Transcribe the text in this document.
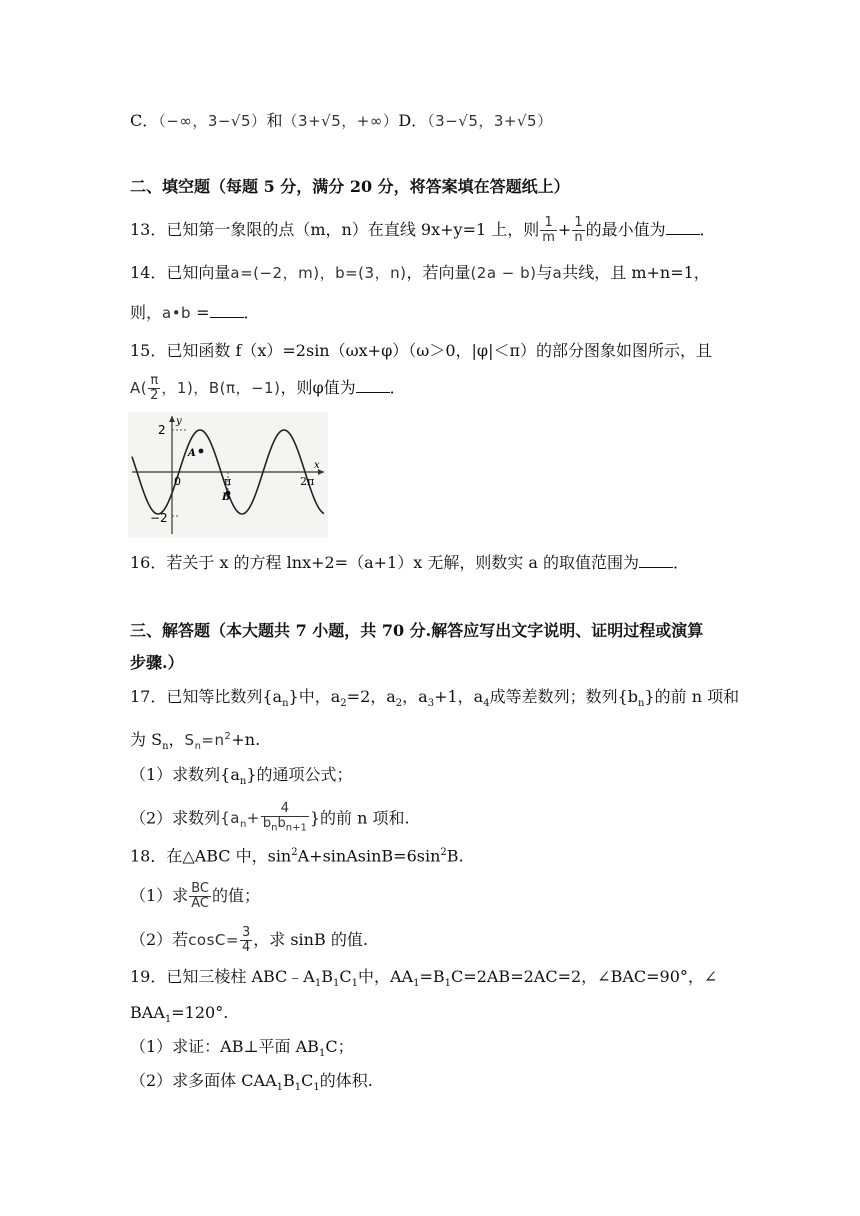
C．（−∞，3−√5）和（3+√5，+∞）D．（3−√5，3+√5）
二、填空题（每题 5 分，满分 20 分，将答案填在答题纸上）
13．已知第一象限的点（m，n）在直线 9x+y=1 上，则 $\frac{1}{m} + \frac{1}{n}$ 的最小值为 ．
14．已知向量a=(−2，m)，b=(3，n)，若向量(2a − b)与a共线，且 m+n=1，
则，a•b = ．
15．已知函数 f（x）=2sin（ωx+φ）（ω＞0，|φ|＜π）的部分图象如图所示，且
$A( \frac{\pi}{2}$ ，1)，B(π，−1)，则φ值为 ．
y
x
2
−2
0	π	2π
A
B
16．若关于 x 的方程 lnx+2=（a+1）x 无解，则数实 a 的取值范围为 ．
三、解答题（本大题共 7 小题，共 70 分.解答应写出文字说明、证明过程或演算
步骤.）
17．已知等比数列$\{a_n\}$中，$a_2=2$，$a_2$，$a_3+1$，$a_4$成等差数列；数列$\{b_n\}$的前 n 项和
为 $S_n$，$S_n=n^2+n$.
（1）求数列$\{a_n\}$的通项公式；
（2）求数列{$a_n+ \frac{4}{b_nb_{n+1}}$ }的前 n 项和.
18．在△ABC 中，$\sin^2A+sinAsinB=6\sin^2B$.
（1）求 $\frac{BC}{AC}$ 的值；
（2）若$\cos C= \frac{3}{4}$ ，求 sinB 的值.
19．已知三棱柱 $ABC﹣A_1B_1C_1$中，$AA_1=B_1C=2AB=2AC=2$，∠BAC=90°，∠
$BAA_1=120^\circ$.
（1）求证：AB⊥平面 $AB_1C$；
（2）求多面体 $CAA_1B_1C_1$的体积.
